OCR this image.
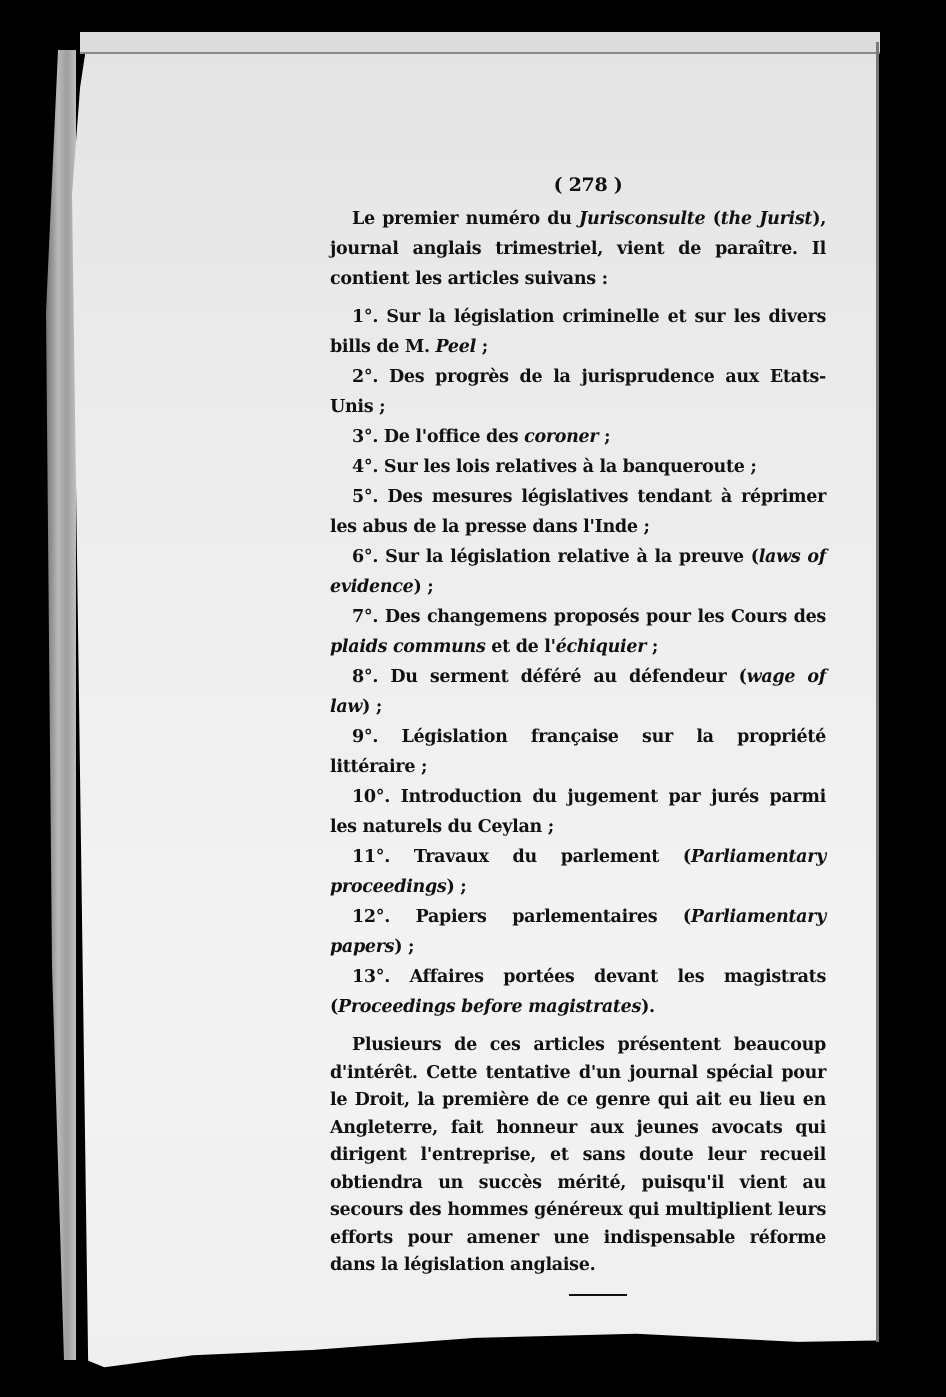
( 278 )

Le premier numéro du Jurisconsulte (the Jurist), journal anglais trimestriel, vient de paraître. Il contient les articles suivans :

1°. Sur la législation criminelle et sur les divers bills de M. Peel ;

2°. Des progrès de la jurisprudence aux Etats-Unis ;

3°. De l'office des coroner ;

4°. Sur les lois relatives à la banqueroute ;

5°. Des mesures législatives tendant à réprimer les abus de la presse dans l'Inde ;

6°. Sur la législation relative à la preuve (laws of evidence) ;

7°. Des changemens proposés pour les Cours des plaids communs et de l'échiquier ;

8°. Du serment déféré au défendeur (wage of law) ;

9°. Législation française sur la propriété littéraire ;

10°. Introduction du jugement par jurés parmi les naturels du Ceylan ;

11°. Travaux du parlement (Parliamentary proceedings) ;

12°. Papiers parlementaires (Parliamentary papers) ;

13°. Affaires portées devant les magistrats (Proceedings before magistrates).

Plusieurs de ces articles présentent beaucoup d'intérêt. Cette tentative d'un journal spécial pour le Droit, la première de ce genre qui ait eu lieu en Angleterre, fait honneur aux jeunes avocats qui dirigent l'entreprise, et sans doute leur recueil obtiendra un succès mérité, puisqu'il vient au secours des hommes généreux qui multiplient leurs efforts pour amener une indispensable réforme dans la législation anglaise.
